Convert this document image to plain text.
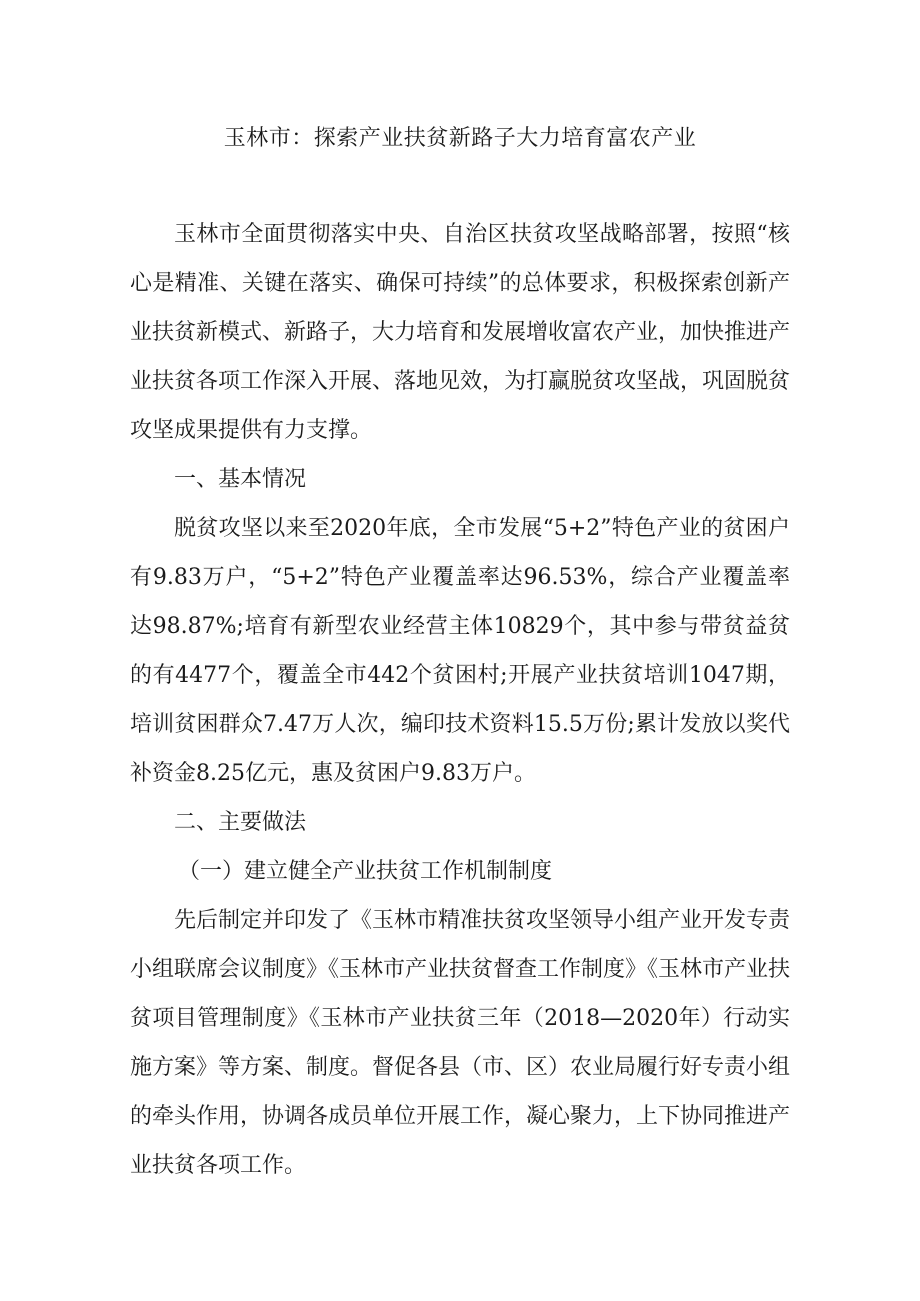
玉林市：探索产业扶贫新路子大力培育富农产业

玉林市全面贯彻落实中央、自治区扶贫攻坚战略部署，按照“核心是精准、关键在落实、确保可持续”的总体要求，积极探索创新产业扶贫新模式、新路子，大力培育和发展增收富农产业，加快推进产业扶贫各项工作深入开展、落地见效，为打赢脱贫攻坚战，巩固脱贫攻坚成果提供有力支撑。

一、基本情况

脱贫攻坚以来至2020年底，全市发展“5+2”特色产业的贫困户有9.83万户，“5+2”特色产业覆盖率达96.53%，综合产业覆盖率达98.87%;培育有新型农业经营主体10829个，其中参与带贫益贫的有4477个，覆盖全市442个贫困村;开展产业扶贫培训1047期，培训贫困群众7.47万人次，编印技术资料15.5万份;累计发放以奖代补资金8.25亿元，惠及贫困户9.83万户。

二、主要做法

（一）建立健全产业扶贫工作机制制度

先后制定并印发了《玉林市精准扶贫攻坚领导小组产业开发专责小组联席会议制度》《玉林市产业扶贫督查工作制度》《玉林市产业扶贫项目管理制度》《玉林市产业扶贫三年（2018—2020年）行动实施方案》等方案、制度。督促各县（市、区）农业局履行好专责小组的牵头作用，协调各成员单位开展工作，凝心聚力，上下协同推进产业扶贫各项工作。
